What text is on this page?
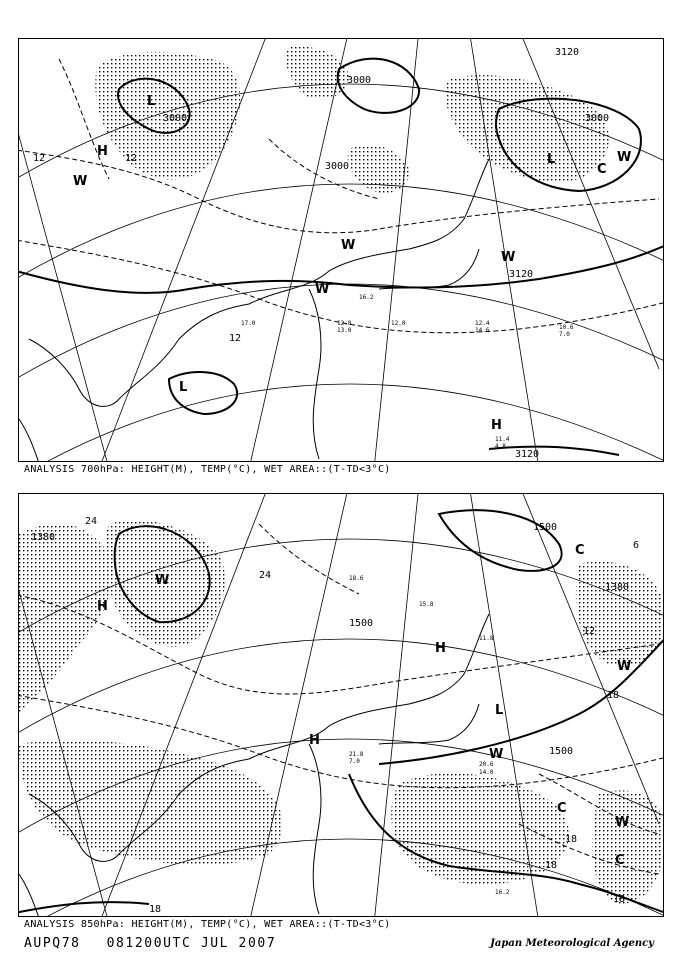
12.4
14.6
11.4
4.8
10.6
7.0
12.8
13.0
16.2
12.0
17.0
3000
3000
3000
3000
3120
3120
3120
12
12
12
L
L
L
H
W
W
W
W
W
C
H
ANALYSIS 700hPa: HEIGHT(M), TEMP(°C), WET AREA::(T-TD<3°C)
21.8
7.0
14.0
20.6
16.2
11.8
15.8
18.6
1500
1500
1380
1380
1500
24
24
12
18
18
18
18
18
6
H
H
L
H
W
W
W
C
C
C
W
ANALYSIS 850hPa: HEIGHT(M), TEMP(°C), WET AREA::(T-TD<3°C)
AUPQ78 081200UTC JUL 2007	Japan Meteorological Agency
